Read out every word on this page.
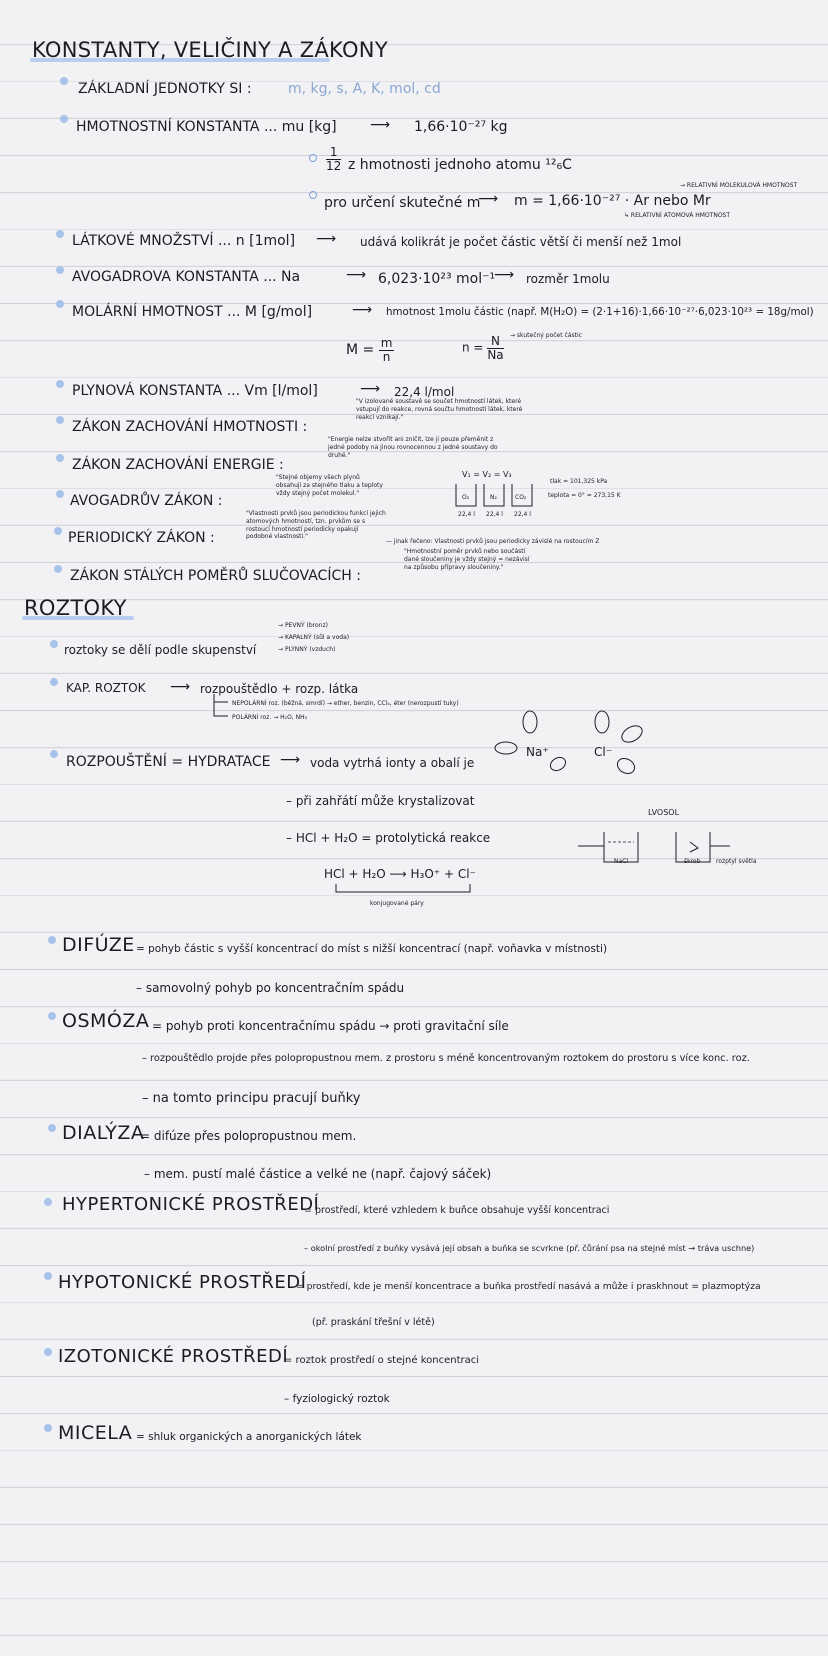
KONSTANTY, VELIČINY A ZÁKONY
ZÁKLADNÍ JEDNOTKY SI :	m, kg, s, A, K, mol, cd
HMOTNOSTNÍ KONSTANTA ... mu [kg] ⟶ 1,66·10⁻²⁷ kg
$\frac{1}{12}$ z hmotnosti jednoho atomu ¹²₆C
pro určení skutečné m
⟶ m = 1,66·10⁻²⁷ · Ar nebo Mr
→ RELATIVNÍ MOLEKULOVÁ HMOTNOST
↳ RELATIVNÍ ATOMOVÁ HMOTNOST
LÁTKOVÉ MNOŽSTVÍ ... n [1mol] ⟶ udává kolikrát je počet částic větší či menší než 1mol
AVOGADROVA KONSTANTA ... Na	⟶ 6,023·10²³ mol⁻¹
⟶ rozměr 1molu
MOLÁRNÍ HMOTNOST ... M [g/mol]	⟶ hmotnost 1molu částic (např. M(H₂O) = (2·1+16)·1,66·10⁻²⁷·6,023·10²³ = 18g/mol)
$M = \frac{m}{n}$	$n = \frac{N}{Na}$ → skutečný počet částic
PLYNOVÁ KONSTANTA ... Vm [l/mol]	⟶ 22,4 l/mol
ZÁKON ZACHOVÁNÍ HMOTNOSTI :
"V izolované soustavě se součet hmotností látek, které vstupují do reakce, rovná součtu hmotností látek, které reakcí vznikají."
ZÁKON ZACHOVÁNÍ ENERGIE :
"Energie nelze stvořit ani zničit, lze ji pouze přeměnit z jedné podoby na jinou rovnocennou z jedné soustavy do druhé."
AVOGADRŮV ZÁKON :
"Stejné objemy všech plynů obsahují za stejného tlaku a teploty vždy stejný počet molekul."
V₁ = V₂ = V₃
O₂	N₂	CO₂
22,4 l 22,4 l 22,4 l
tlak = 101,325 kPa
teplota = 0° = 273,15 K
PERIODICKÝ ZÁKON :
"Vlastnosti prvků jsou periodickou funkcí jejich atomových hmotností, tzn. prvkům se s rostoucí hmotností periodicky opakují podobné vlastnosti."
— jinak řečeno: Vlastnosti prvků jsou periodicky závislé na rostoucím Z
ZÁKON STÁLÝCH POMĚRŮ SLUČOVACÍCH :
"Hmotnostní poměr prvků nebo součástí dané sloučeniny je vždy stejný = nezávisí na způsobu přípravy sloučeniny."
ROZTOKY
roztoky se dělí podle skupenství
→ PEVNÝ (bronz)
→ KAPALNÝ (sůl a voda)
→ PLYNNÝ (vzduch)
KAP. ROZTOK ⟶ rozpouštědlo + rozp. látka
NEPOLÁRNÍ roz. (běžná, smrdí) → ether, benzin, CCl₄, éter (nerozpustí tuky)
POLÁRNÍ roz. → H₂O, NH₃
ROZPOUŠTĚNÍ = HYDRATACE ⟶ voda vytrhá ionty a obalí je
Na⁺	Cl⁻
– při zahřátí může krystalizovat
– HCl + H₂O = protolytická reakce
HCl + H₂O ⟶ H₃O⁺ + Cl⁻
konjugované páry
LVOSOL
NaCl	škrob	rozptyl světla
DIFÚZE = pohyb částic s vyšší koncentrací do míst s nižší koncentrací (např. voňavka v místnosti)
– samovolný pohyb po koncentračním spádu
OSMÓZA = pohyb proti koncentračnímu spádu → proti gravitační síle
– rozpouštědlo projde přes polopropustnou mem. z prostoru s méně koncentrovaným roztokem do prostoru s více konc. roz.
– na tomto principu pracují buňky
DIALÝZA
= difúze přes polopropustnou mem.
– mem. pustí malé částice a velké ne (např. čajový sáček)
HYPERTONICKÉ PROSTŘEDÍ
= prostředí, které vzhledem k buňce obsahuje vyšší koncentraci
– okolní prostředí z buňky vysává její obsah a buňka se scvrkne (př. čůrání psa na stejné míst → tráva uschne)
HYPOTONICKÉ PROSTŘEDÍ
= prostředí, kde je menší koncentrace a buňka prostředí nasává a může i praskhnout = plazmoptýza
(př. praskání třešní v létě)
IZOTONICKÉ PROSTŘEDÍ
= roztok prostředí o stejné koncentraci
– fyziologický roztok
MICELA = shluk organických a anorganických látek
